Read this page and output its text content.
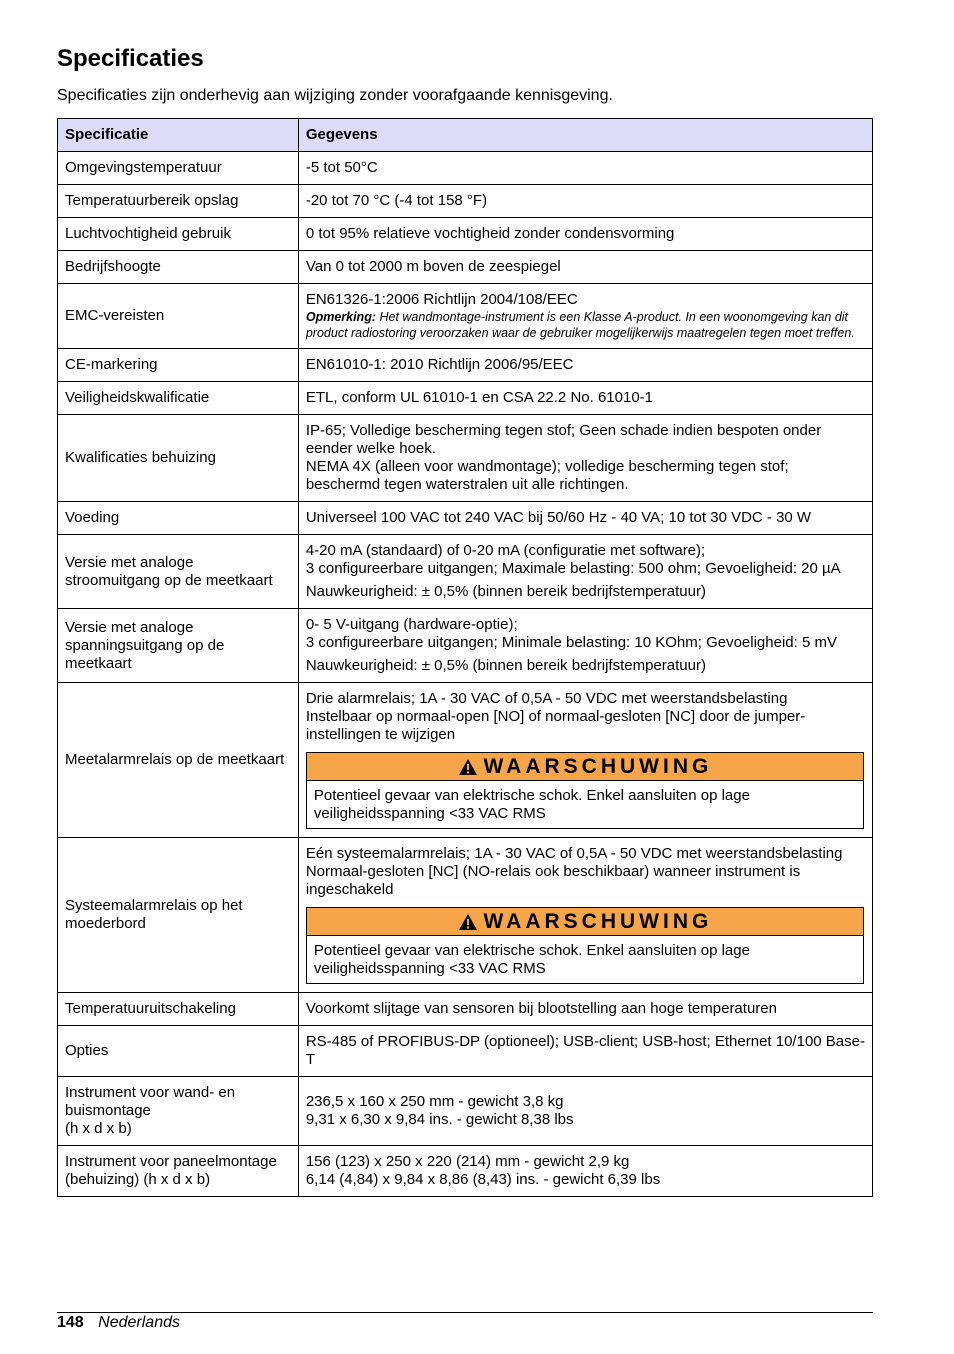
Specificaties

Specificaties zijn onderhevig aan wijziging zonder voorafgaande kennisgeving.

Specificatie	Gegevens
Omgevingstemperatuur	-5 tot 50°C

Temperatuurbereik opslag	-20 tot 70 °C (-4 tot 158 °F)

Luchtvochtigheid gebruik	0 tot 95% relatieve vochtigheid zonder condensvorming

Bedrijfshoogte	Van 0 tot 2000 m boven de zeespiegel

EMC-vereisten	EN61326-1:2006 Richtlijn 2004/108/EEC
Opmerking: Het wandmontage-instrument is een Klasse A-product. In een woonomgeving kan dit product radiostoring veroorzaken waar de gebruiker mogelijkerwijs maatregelen tegen moet treffen.

CE-markering	EN61010-1: 2010 Richtlijn 2006/95/EEC

Veiligheidskwalificatie	ETL, conform UL 61010-1 en CSA 22.2 No. 61010-1

Kwalificaties behuizing	IP-65; Volledige bescherming tegen stof; Geen schade indien bespoten onder eender welke hoek.
NEMA 4X (alleen voor wandmontage); volledige bescherming tegen stof; beschermd tegen waterstralen uit alle richtingen.

Voeding	Universeel 100 VAC tot 240 VAC bij 50/60 Hz - 40 VA; 10 tot 30 VDC - 30 W

Versie met analoge stroomuitgang op de meetkaart	4-20 mA (standaard) of 0-20 mA (configuratie met software);
3 configureerbare uitgangen; Maximale belasting: 500 ohm; Gevoeligheid: 20 µA
Nauwkeurigheid: ± 0,5% (binnen bereik bedrijfstemperatuur)

Versie met analoge spanningsuitgang op de meetkaart	0- 5 V-uitgang (hardware-optie);
3 configureerbare uitgangen; Minimale belasting: 10 KOhm; Gevoeligheid: 5 mV
Nauwkeurigheid: ± 0,5% (binnen bereik bedrijfstemperatuur)

Meetalarmrelais op de meetkaart	Drie alarmrelais; 1A - 30 VAC of 0,5A - 50 VDC met weerstandsbelasting
Instelbaar op normaal-open [NO] of normaal-gesloten [NC] door de jumper-instellingen te wijzigen
WAARSCHUWING
Potentieel gevaar van elektrische schok. Enkel aansluiten op lage veiligheidsspanning <33 VAC RMS

Systeemalarmrelais op het moederbord	Eén systeemalarmrelais; 1A - 30 VAC of 0,5A - 50 VDC met weerstandsbelasting
Normaal-gesloten [NC] (NO-relais ook beschikbaar) wanneer instrument is ingeschakeld
WAARSCHUWING
Potentieel gevaar van elektrische schok. Enkel aansluiten op lage veiligheidsspanning <33 VAC RMS

Temperatuuruitschakeling	Voorkomt slijtage van sensoren bij blootstelling aan hoge temperaturen

Opties	RS-485 of PROFIBUS-DP (optioneel); USB-client; USB-host; Ethernet 10/100 Base-T

Instrument voor wand- en buismontage
(h x d x b)	236,5 x 160 x 250 mm - gewicht 3,8 kg
9,31 x 6,30 x 9,84 ins. - gewicht 8,38 lbs

Instrument voor paneelmontage (behuizing) (h x d x b)	156 (123) x 250 x 220 (214) mm - gewicht 2,9 kg
6,14 (4,84) x 9,84 x 8,86 (8,43) ins. - gewicht 6,39 lbs
148 Nederlands
